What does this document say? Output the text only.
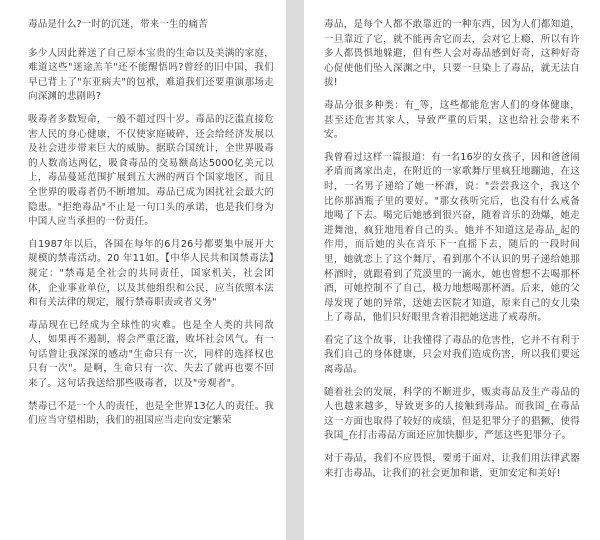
毒品是什么?一时的沉迷，带来一生的痛苦

多少人因此葬送了自己原本宝贵的生命以及美满的家庭，难道这些"迷途羔羊"还不能醒悟吗?曾经的旧中国，我们早已背上了"东亚病夫"的包袱，难道我们还要重演那场走向深渊的悲剧吗?

吸毒者多数短命，一般不超过四十岁。毒品的泛滥直接危害人民的身心健康，不仅使家庭破碎，还会给经济发展以及社会进步带来巨大的威胁。据联合国统计，全世界吸毒的人数高达两亿，吸食毒品的交易额高达5000亿美元以上，毒品蔓延范围扩展到五大洲的两百个国家地区，而且全世界的吸毒者仍不断增加。毒品已成为困扰社会最大的隐患。"拒绝毒品"不止是一句口头的承诺，也是我们身为中国人应当承担的一份责任。

自1987年以后，各国在每年的6月26号都要集中展开大规模的禁毒活动。20 年11如。【中华人民共和国禁毒法】规定："禁毒是全社会的共同责任，国家机关，社会团体，企业事业单位，以及其他组织和公民，应当依照本法和有关法律的规定，履行禁毒职责或者义务"

毒品现在已经成为全球性的灾难。也是全人类的共同敌人，如果再不遏制，将会严重泛滥，败坏社会风气。有一句话曾让我深深的感动"生命只有一次，同样的选择权也只有一次"。是啊，生命只有一次、失去了就再也要不回来了。这句话我送给那些吸毒者，以及"旁观者"。

禁毒已不是一个人的责任，也是全世界13亿人的责任。我们应当守望相助，我们的祖国应当走向安定繁荣

毒品，是每个人都不敢靠近的一种东西，因为人们都知道，一旦靠近了它，就不能再舍它而去，会对它上瘾，所以有许多人都畏惧地躲避，但有些人会对毒品感到好奇，这种好奇心促使他们坠入深渊之中，只要一旦染上了毒品，就无法自拔!

毒品分很多种类：有_等，这些都能危害人们的身体健康，甚至还危害其家人，导致严重的后果，这也给社会带来不安。

我曾看过这样一篇报道：有一名16岁的女孩子，因和爸爸闹矛盾而离家出走，在附近的一家歌舞厅里疯狂地蹦迪，在这时，一名男子递给了她一杯酒，说："尝尝我这个，我这个比你那酒瓶子里的要好。"那女孩听完后，也没有什么戒备地喝了下去。喝完后她感到很兴奋，随着音乐的劲爆，她走进舞池，疯狂地甩着自己的头。她并不知道这是毒品_起的作用，而后她的头在音乐下一直摇下去，随后的一段时间里，她就恋上了这个舞厅，看到那个不认识的男子递给她那杯酒时，就跟看到了荒漠里的一滴水，她也曾想不去喝那杯酒，可她控制不了自己，极力地想喝那杯酒。后来，她的父母发现了她的异常，送她去医院才知道，原来自己的女儿染上了毒品，他们只好眼里含着泪把她送进了戒毒所。

看完了这个故事，让我懂得了毒品的危害性，它并不有利于我们自己的身体健康，只会对我们造成伤害，所以我们要远离毒品。

随着社会的发展，科学的不断进步，贩卖毒品及生产毒品的人也越来越多，导致更多的人接触到毒品。而我国_在毒品这一方面也取得了较好的成绩，但是犯罪分子的猖獗，使得我国_在打击毒品方面还应加快脚步，严惩这些犯罪分子。

对于毒品，我们不应畏惧，要勇于面对，让我们用法律武器来打击毒品，让我们的社会更加和谐，更加安定和美好!
